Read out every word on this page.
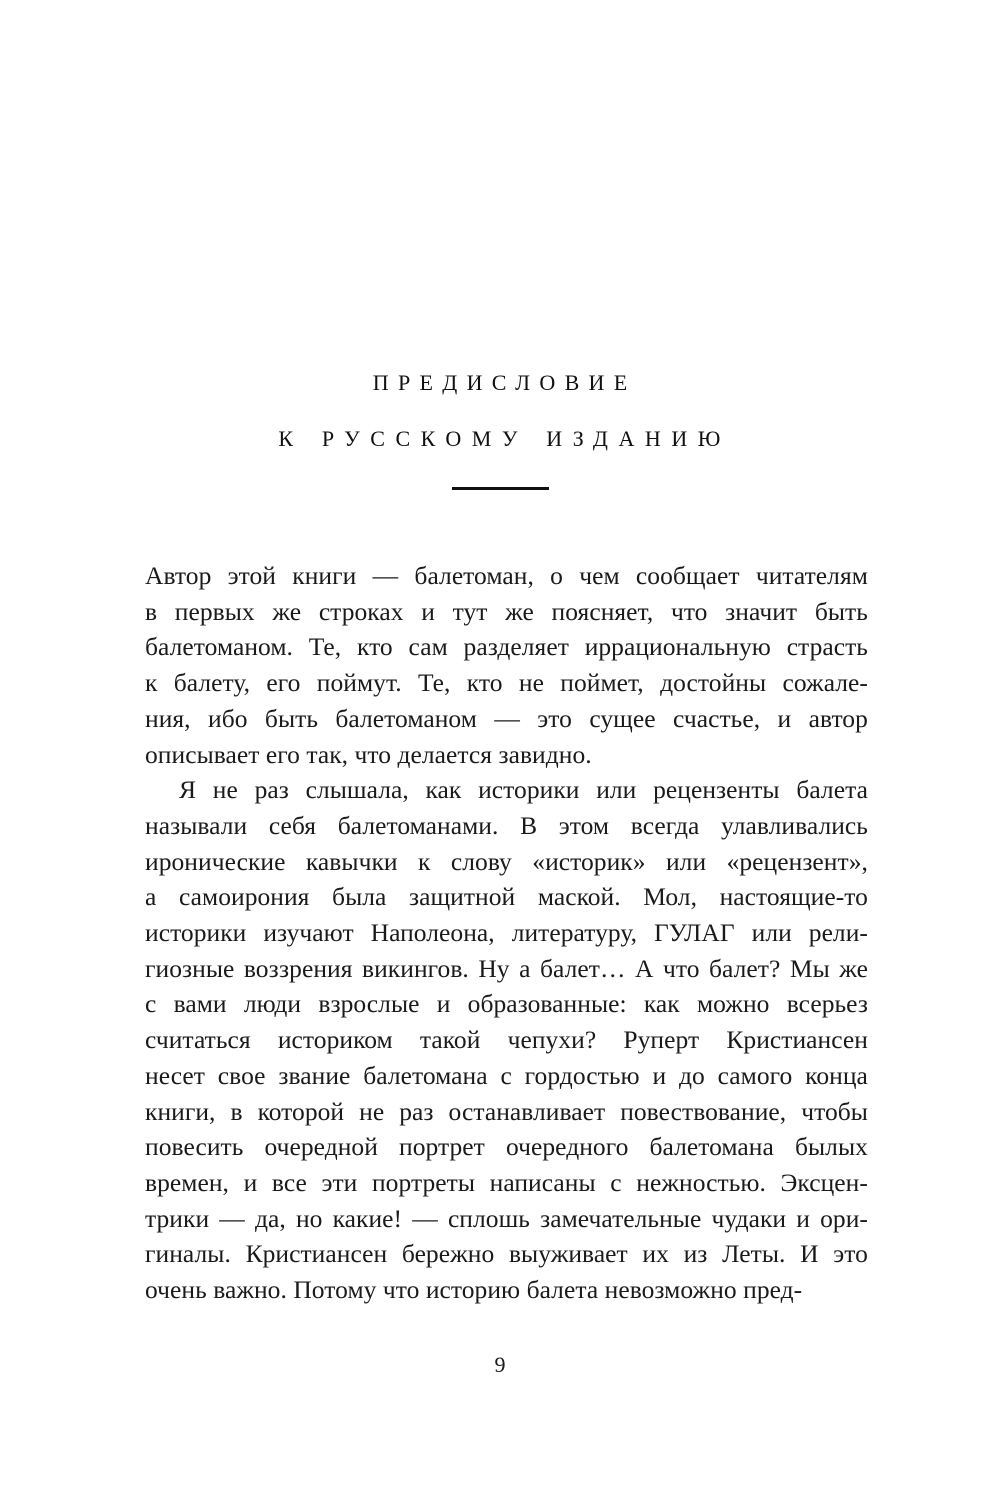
предисловие
к русскому изданию
Автор этой книги — балетоман, о чем сообщает читателям
в первых же строках и тут же поясняет, что значит быть
балетоманом. Те, кто сам разделяет иррациональную страсть
к балету, его поймут. Те, кто не поймет, достойны сожале-
ния, ибо быть балетоманом — это сущее счастье, и автор
описывает его так, что делается завидно.
Я не раз слышала, как историки или рецензенты балета
называли себя балетоманами. В этом всегда улавливались
иронические кавычки к слову «историк» или «рецензент»,
а самоирония была защитной маской. Мол, настоящие-то
историки изучают Наполеона, литературу, ГУЛАГ или рели-
гиозные воззрения викингов. Ну а балет… А что балет? Мы же
с вами люди взрослые и образованные: как можно всерьез
считаться историком такой чепухи? Руперт Кристиансен
несет свое звание балетомана с гордостью и до самого конца
книги, в которой не раз останавливает повествование, чтобы
повесить очередной портрет очередного балетомана былых
времен, и все эти портреты написаны с нежностью. Эксцен-
трики — да, но какие! — сплошь замечательные чудаки и ори-
гиналы. Кристиансен бережно выуживает их из Леты. И это
очень важно. Потому что историю балета невозможно пред-
9
